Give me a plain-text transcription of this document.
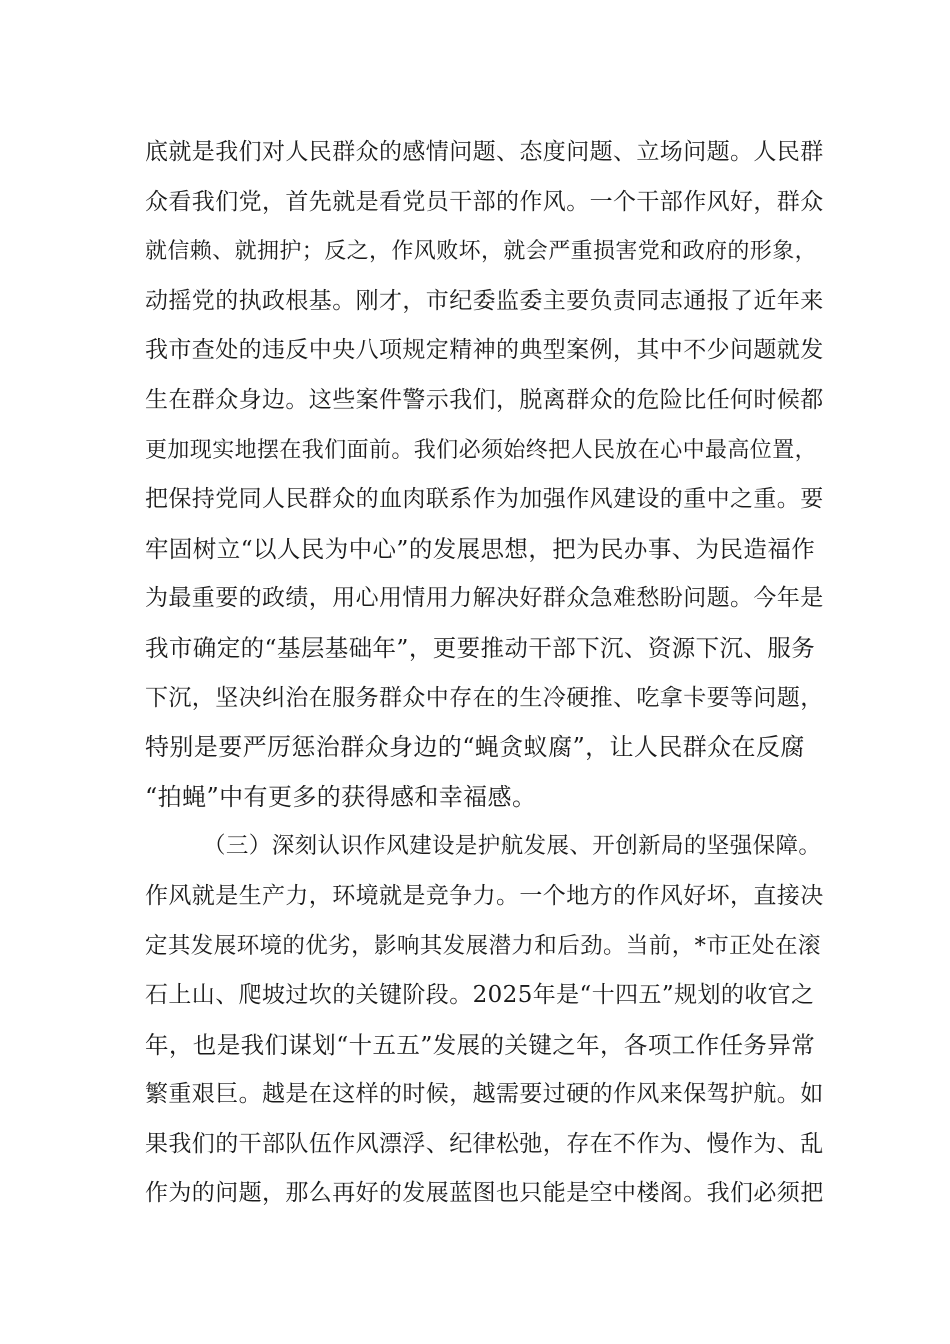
底就是我们对人民群众的感情问题、态度问题、立场问题。人民群
众看我们党，首先就是看党员干部的作风。一个干部作风好，群众
就信赖、就拥护；反之，作风败坏，就会严重损害党和政府的形象，
动摇党的执政根基。刚才，市纪委监委主要负责同志通报了近年来
我市查处的违反中央八项规定精神的典型案例，其中不少问题就发
生在群众身边。这些案件警示我们，脱离群众的危险比任何时候都
更加现实地摆在我们面前。我们必须始终把人民放在心中最高位置，
把保持党同人民群众的血肉联系作为加强作风建设的重中之重。要
牢固树立“以人民为中心”的发展思想，把为民办事、为民造福作
为最重要的政绩，用心用情用力解决好群众急难愁盼问题。今年是
我市确定的“基层基础年”，更要推动干部下沉、资源下沉、服务
下沉，坚决纠治在服务群众中存在的生冷硬推、吃拿卡要等问题，
特别是要严厉惩治群众身边的“蝇贪蚁腐”，让人民群众在反腐
“拍蝇”中有更多的获得感和幸福感。
（三）深刻认识作风建设是护航发展、开创新局的坚强保障。
作风就是生产力，环境就是竞争力。一个地方的作风好坏，直接决
定其发展环境的优劣，影响其发展潜力和后劲。当前，*市正处在滚
石上山、爬坡过坎的关键阶段。2025年是“十四五”规划的收官之
年，也是我们谋划“十五五”发展的关键之年，各项工作任务异常
繁重艰巨。越是在这样的时候，越需要过硬的作风来保驾护航。如
果我们的干部队伍作风漂浮、纪律松弛，存在不作为、慢作为、乱
作为的问题，那么再好的发展蓝图也只能是空中楼阁。我们必须把
